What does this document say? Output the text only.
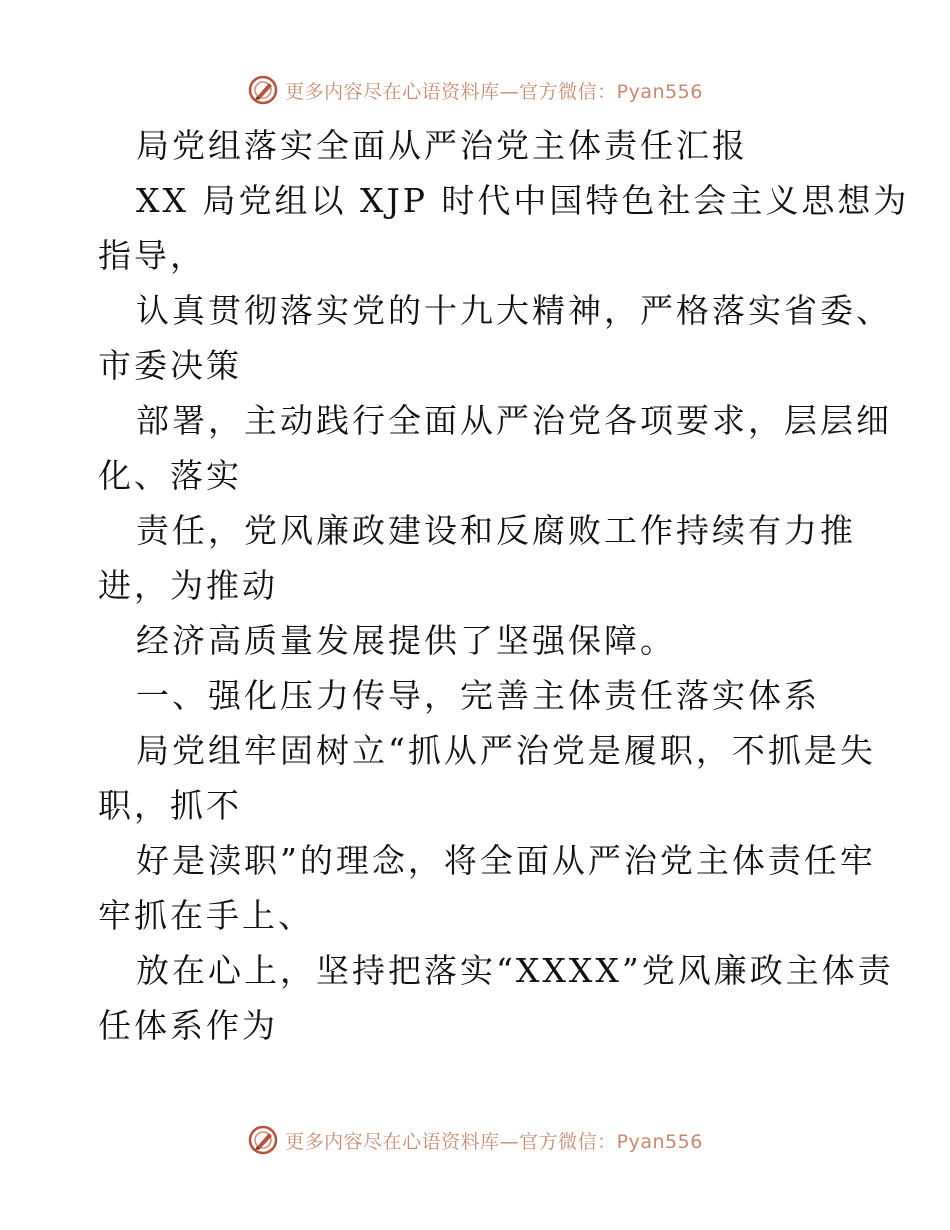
更多内容尽在心语资料库—官方微信：Pyan556
局党组落实全面从严治党主体责任汇报
XX 局党组以 XJP 时代中国特色社会主义思想为
指导，
认真贯彻落实党的十九大精神，严格落实省委、
市委决策
部署，主动践行全面从严治党各项要求，层层细
化、落实
责任，党风廉政建设和反腐败工作持续有力推
进，为推动
经济高质量发展提供了坚强保障。
一、强化压力传导，完善主体责任落实体系
局党组牢固树立“抓从严治党是履职，不抓是失
职，抓不
好是渎职”的理念，将全面从严治党主体责任牢
牢抓在手上、
放在心上，坚持把落实“XXXX”党风廉政主体责
任体系作为
更多内容尽在心语资料库—官方微信：Pyan556
